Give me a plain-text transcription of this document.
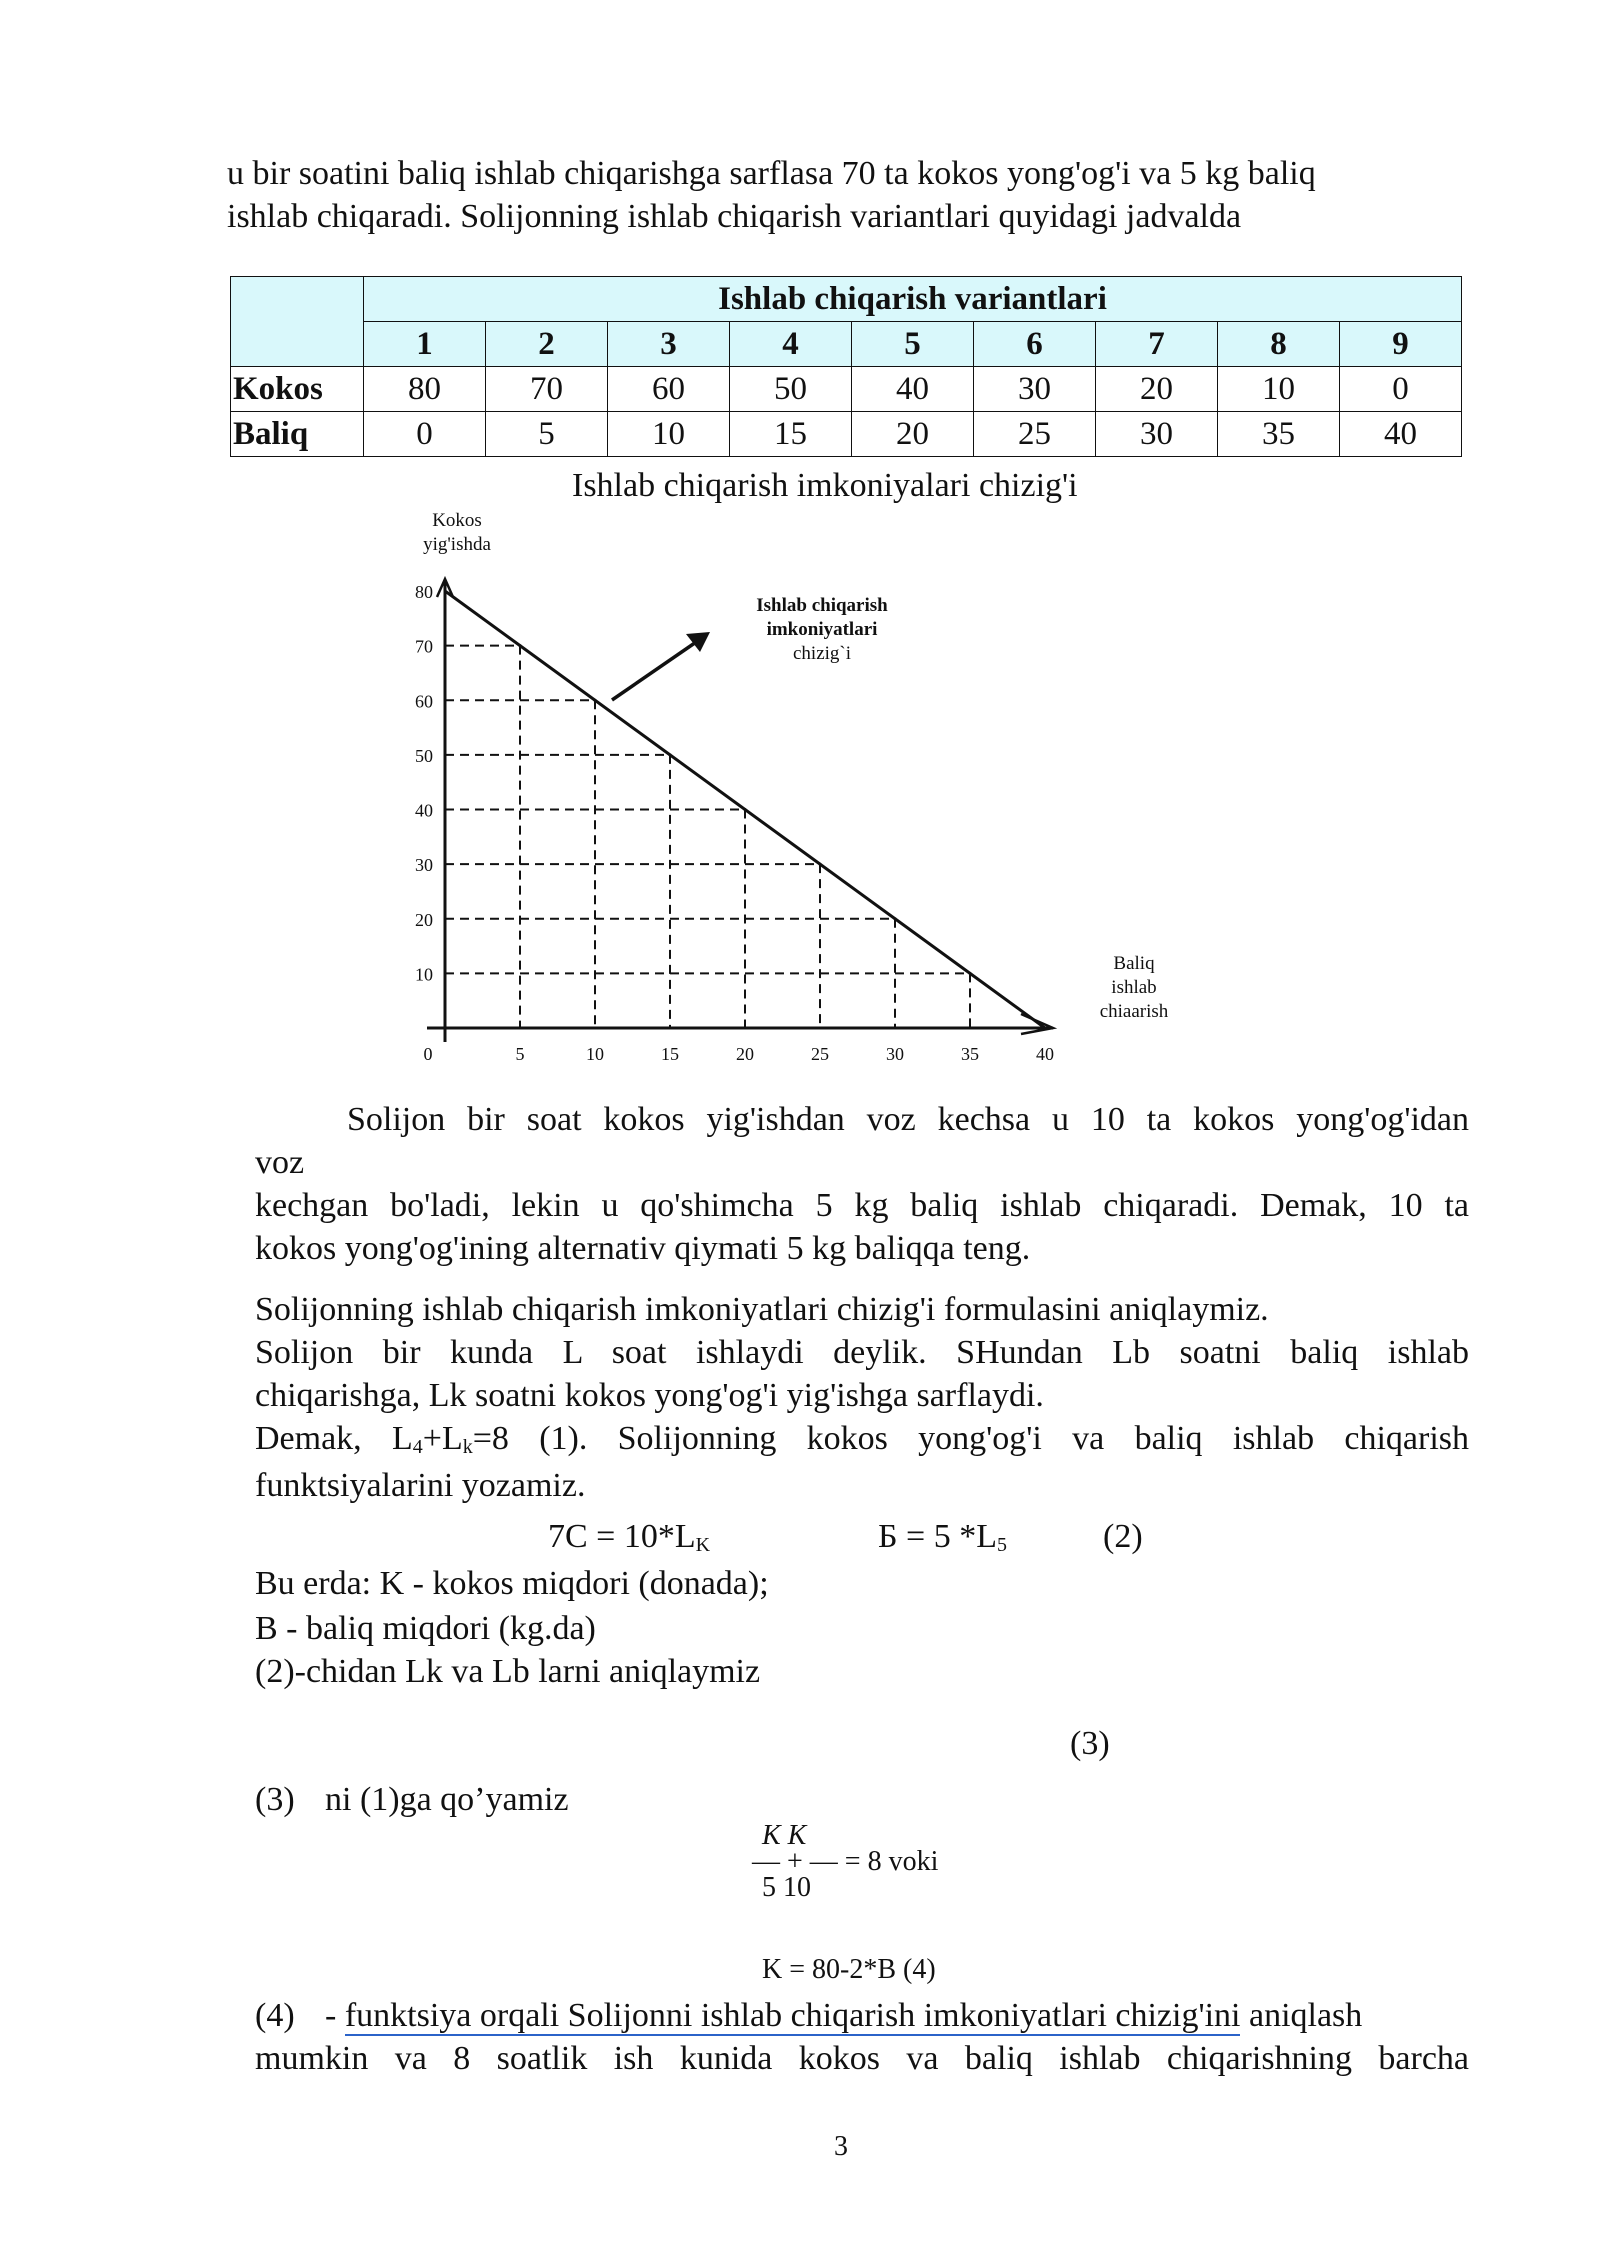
u bir soatini baliq ishlab chiqarishga sarflasa 70 ta kokos yong'og'i va 5 kg baliq
ishlab chiqaradi. Solijonning ishlab chiqarish variantlari quyidagi jadvalda
	Ishlab chiqarish variantlari								
	1	2	3	4	5	6	7	8	9
Kokos	80	70	60	50	40	30	20	10	0
Baliq	0	5	10	15	20	25	30	35	40
Ishlab chiqarish imkoniyalari chizig'i
0	5	10	15	20	25	30	35	40
10
20
30
40
50
60
70
80
Kokos
yig'ishda
Baliq
ishlab
chiaarish
Ishlab chiqarish
imkoniyatlari
chizig`i
Solijon bir soat kokos yig'ishdan voz kechsa u 10 ta kokos yong'og'idan
voz
kechgan bo'ladi, lekin u qo'shimcha 5 kg baliq ishlab chiqaradi. Demak, 10 ta
kokos yong'og'ining alternativ qiymati 5 kg baliqqa teng.
Solijonning ishlab chiqarish imkoniyatlari chizig'i formulasini aniqlaymiz.
Solijon bir kunda L soat ishlaydi deylik. SHundan Lb soatni baliq ishlab
chiqarishga, Lk soatni kokos yong'og'i yig'ishga sarflaydi.
Demak, $L_4+L_k=8$ (1). Solijonning kokos yong'og'i va baliq ishlab chiqarish
funktsiyalarini yozamiz.
$7C = 10*L_K$	Б = 5 $*L_5$	(2)
Bu erda: K - kokos miqdori (donada);
B - baliq miqdori (kg.da)
(2)-chidan Lk va Lb larni aniqlaymiz
(3)
(3) ni (1)ga qo’yamiz
K K
— + — = 8 voki
5 10
K = 80-2*B (4)
(4) - funktsiya orqali Solijonni ishlab chiqarish imkoniyatlari chizig'ini aniqlash
mumkin va 8 soatlik ish kunida kokos va baliq ishlab chiqarishning barcha
3
